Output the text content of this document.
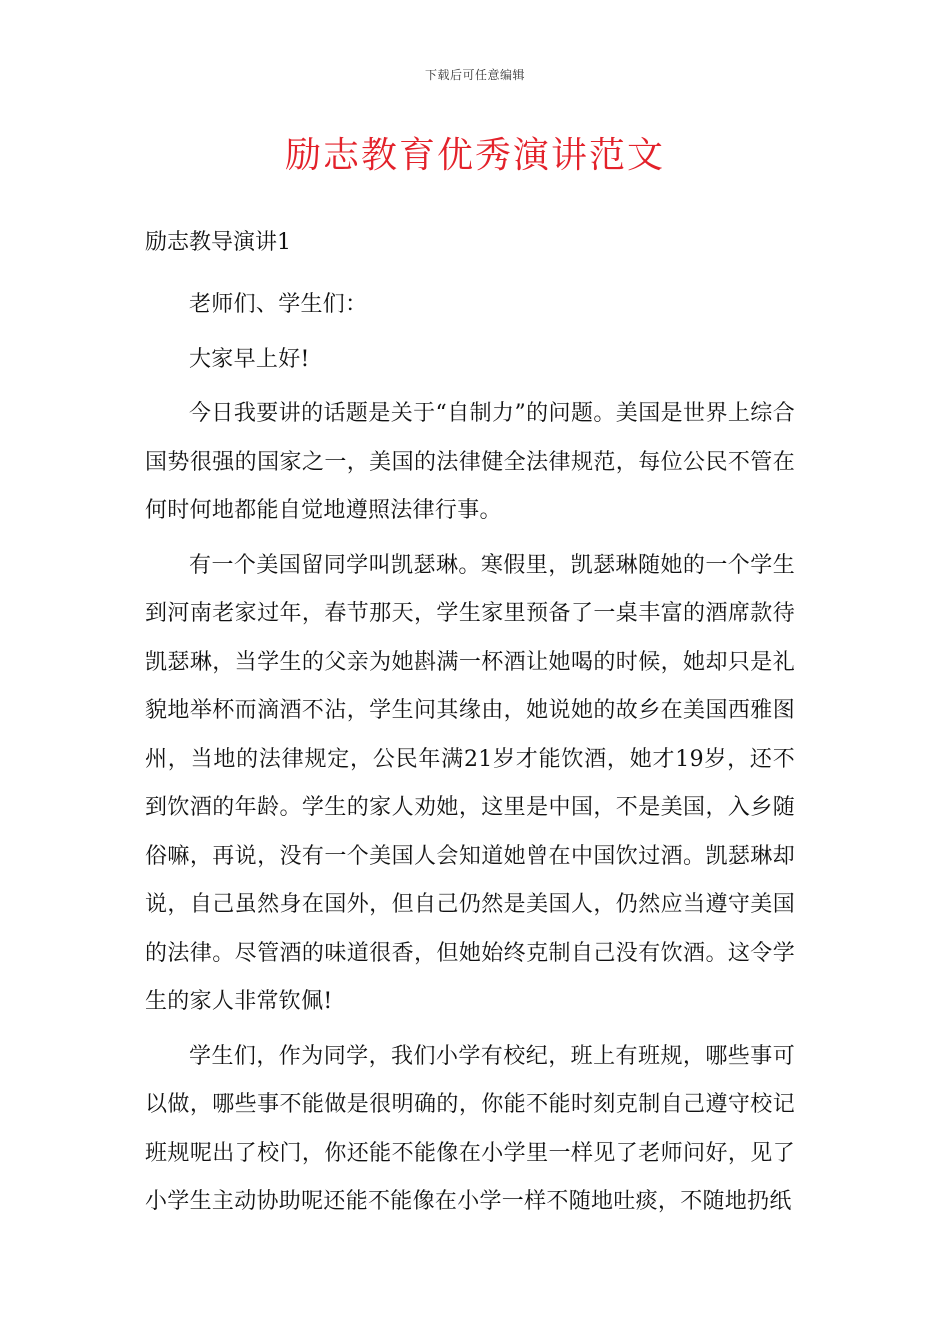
下载后可任意编辑
励志教育优秀演讲范文

励志教导演讲1

老师们、学生们：

大家早上好!

今日我要讲的话题是关于“自制力”的问题。美国是世界上综合国势很强的国家之一，美国的法律健全法律规范，每位公民不管在何时何地都能自觉地遵照法律行事。

有一个美国留同学叫凯瑟琳。寒假里，凯瑟琳随她的一个学生到河南老家过年，春节那天，学生家里预备了一桌丰富的酒席款待凯瑟琳，当学生的父亲为她斟满一杯酒让她喝的时候，她却只是礼貌地举杯而滴酒不沾，学生问其缘由，她说她的故乡在美国西雅图州，当地的法律规定，公民年满21岁才能饮酒，她才19岁，还不到饮酒的年龄。学生的家人劝她，这里是中国，不是美国，入乡随俗嘛，再说，没有一个美国人会知道她曾在中国饮过酒。凯瑟琳却说，自己虽然身在国外，但自己仍然是美国人，仍然应当遵守美国的法律。尽管酒的味道很香，但她始终克制自己没有饮酒。这令学生的家人非常钦佩!

学生们，作为同学，我们小学有校纪，班上有班规，哪些事可以做，哪些事不能做是很明确的，你能不能时刻克制自己遵守校记班规呢出了校门，你还能不能像在小学里一样见了老师问好，见了小学生主动协助呢还能不能像在小学一样不随地吐痰，不随地扔纸
